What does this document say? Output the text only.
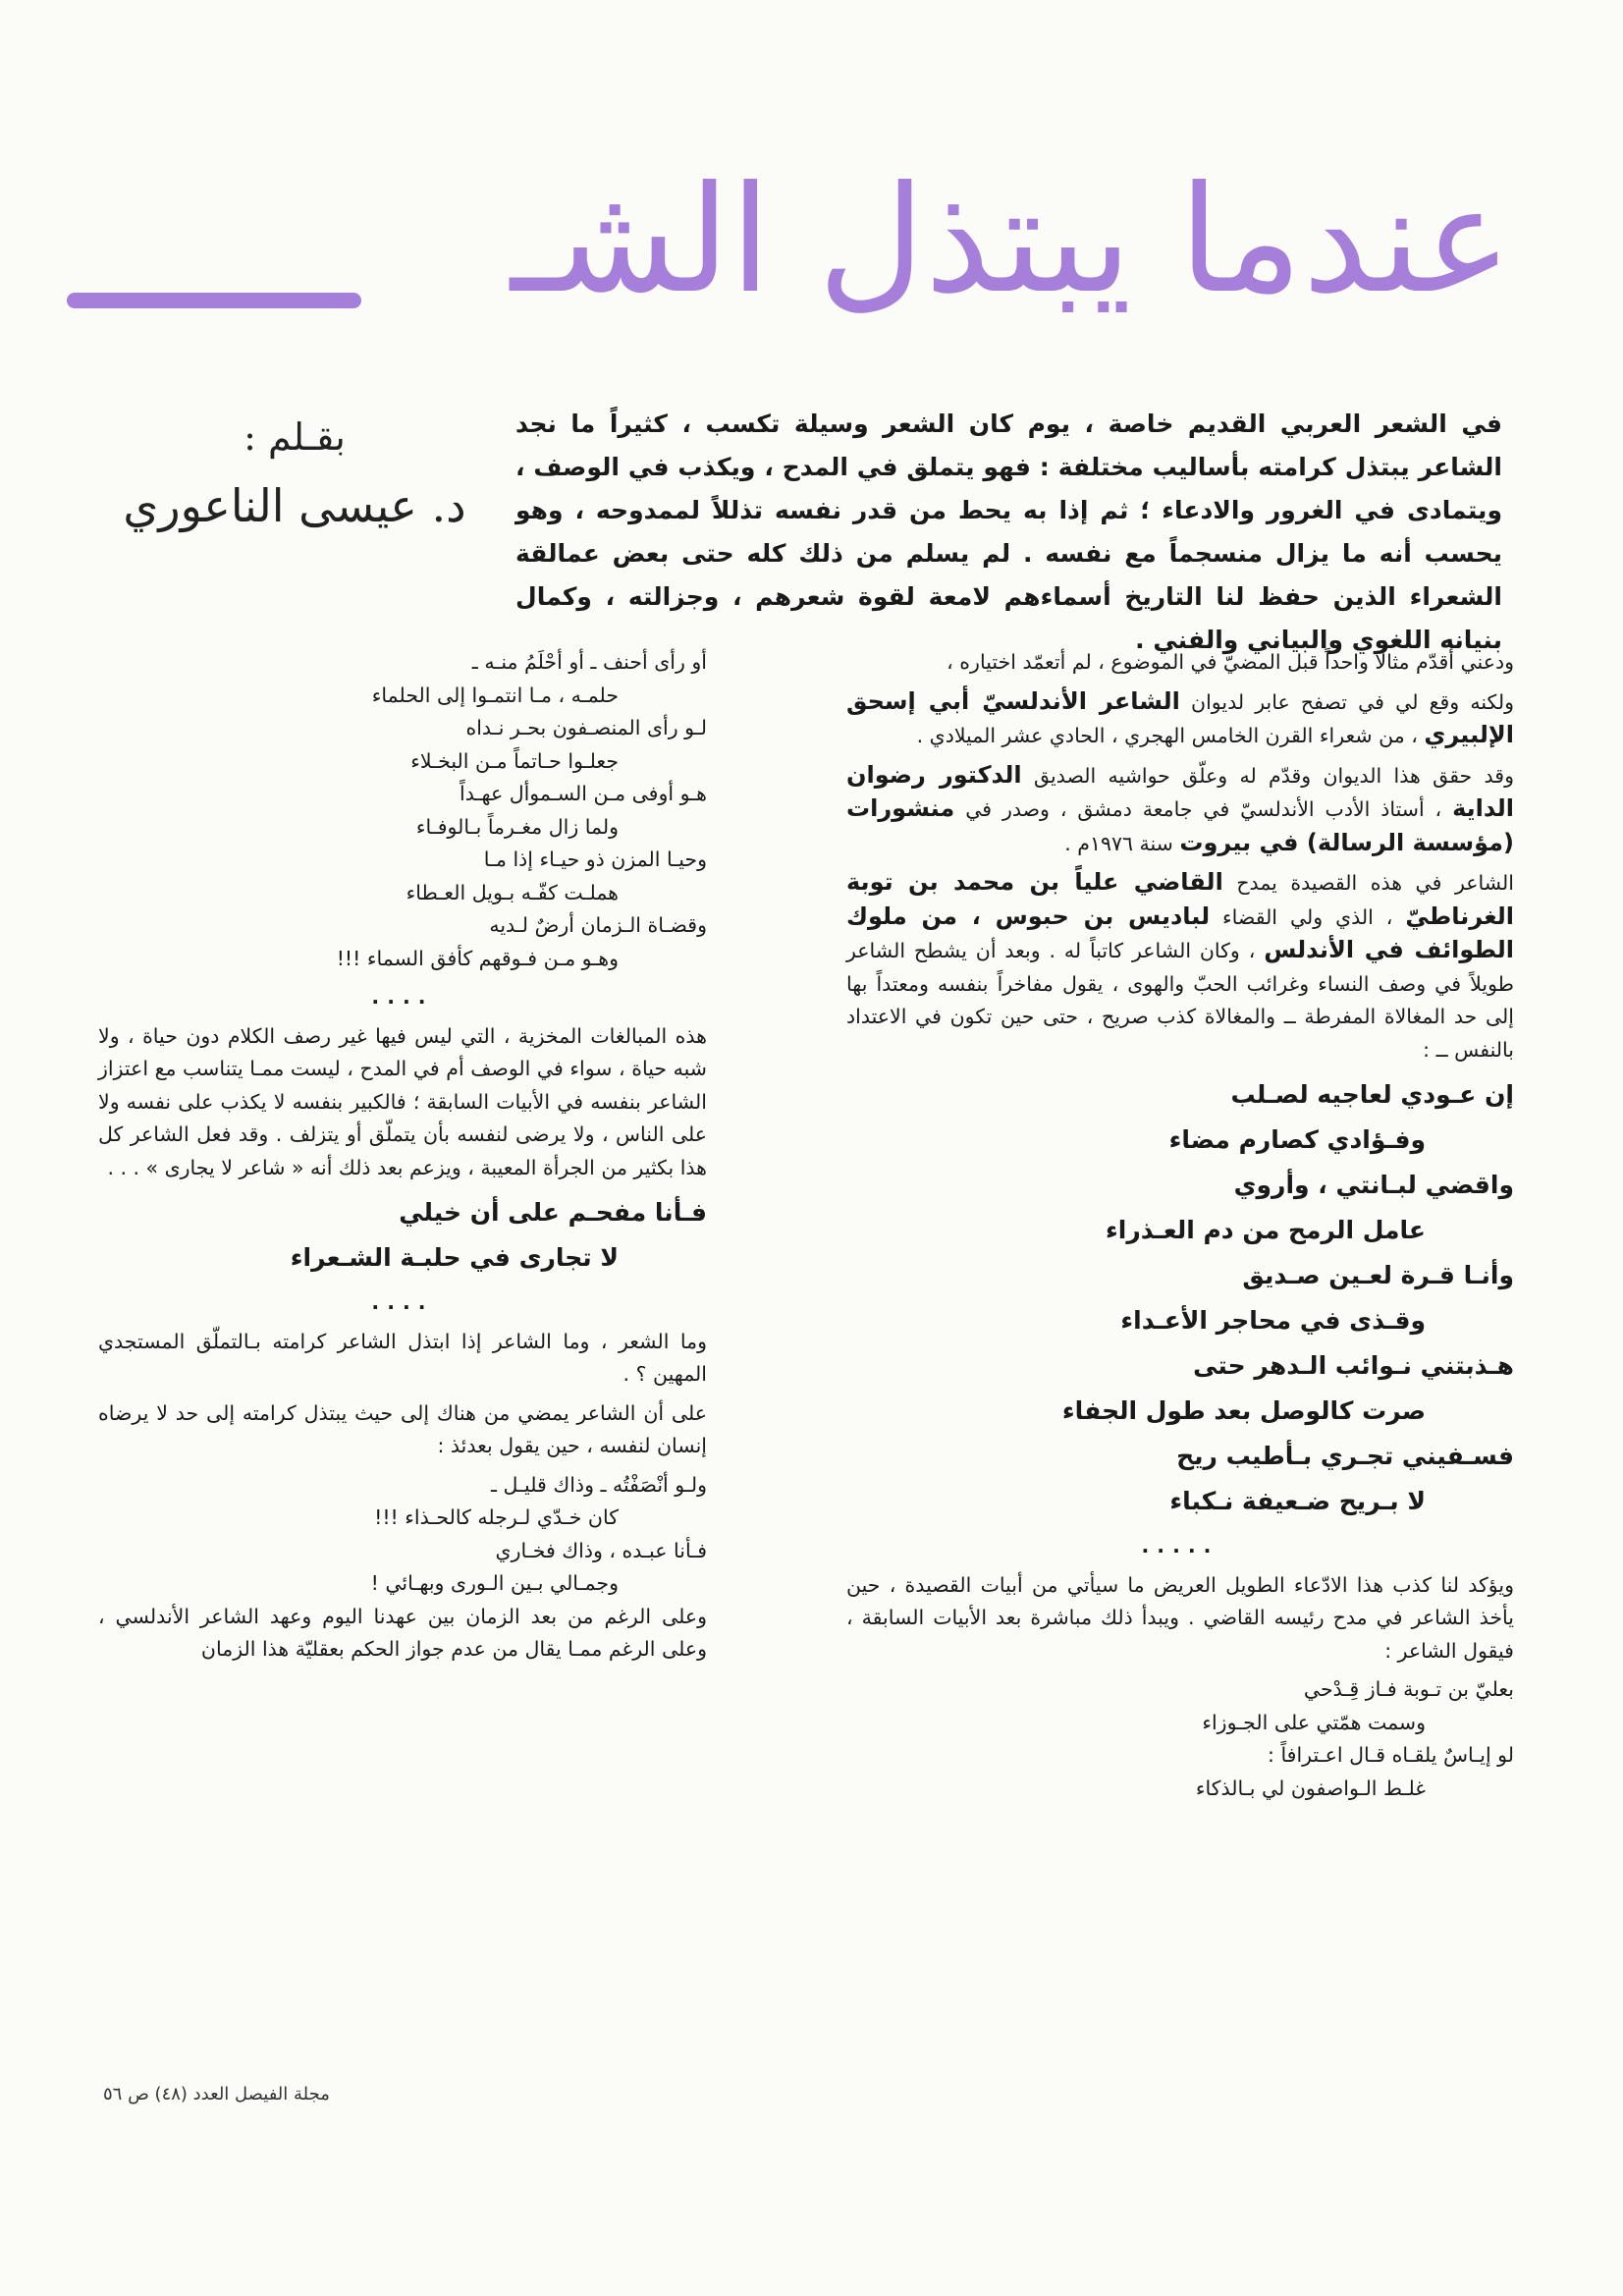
عندما يبتذل الشـ
بقـلم :
د. عيسى الناعوري
في الشعر العربي القديم خاصة ، يوم كان الشعر وسيلة تكسب ، كثيراً ما نجد الشاعر يبتذل كرامته بأساليب مختلفة : فهو يتملق في المدح ، ويكذب في الوصف ، ويتمادى في الغرور والادعاء ؛ ثم إذا به يحط من قدر نفسه تذللاً لممدوحه ، وهو يحسب أنه ما يزال منسجماً مع نفسه . لم يسلم من ذلك كله حتى بعض عمالقة الشعراء الذين حفظ لنا التاريخ أسماءهم لامعة لقوة شعرهم ، وجزالته ، وكمال بنيانه اللغوي والبياني والفني .

ودعني أقدّم مثالا واحداً قبل المضيّ في الموضوع ، لم أتعمّد اختياره ،

ولكنه وقع لي في تصفح عابر لديوان الشاعر الأندلسيّ أبي إسحق الإلبيري ، من شعراء القرن الخامس الهجري ، الحادي عشر الميلادي .

وقد حقق هذا الديوان وقدّم له وعلّق حواشيه الصديق الدكتور رضوان الداية ، أستاذ الأدب الأندلسيّ في جامعة دمشق ، وصدر في منشورات (مؤسسة الرسالة) في بيروت سنة ١٩٧٦م .

الشاعر في هذه القصيدة يمدح القاضي علياً بن محمد بن توبة الغرناطيّ ، الذي ولي القضاء لباديس بن حبوس ، من ملوك الطوائف في الأندلس ، وكان الشاعر كاتباً له . وبعد أن يشطح الشاعر طويلاً في وصف النساء وغرائب الحبّ والهوى ، يقول مفاخراً بنفسه ومعتداً بها إلى حد المغالاة المفرطة ــ والمغالاة كذب صريح ، حتى حين تكون في الاعتداد بالنفس ــ :

إن عـودي لعاجيه لصـلب
وفـؤادي كصارم مضاء
واقضي لبـانتي ، وأروي
عامل الرمح من دم العـذراء
وأنـا قـرة لعـين صـديق
وقـذى في محاجر الأعـداء
هـذبتني نـوائب الـدهر حتى
صرت كالوصل بعد طول الجفاء
فسـفيني تجـري بـأطيب ريح
لا بـريح ضـعيفة نـكباء
.....

ويؤكد لنا كذب هذا الادّعاء الطويل العريض ما سيأتي من أبيات القصيدة ، حين يأخذ الشاعر في مدح رئيسه القاضي . ويبدأ ذلك مباشرة بعد الأبيات السابقة ، فيقول الشاعر :

بعليّ بن تـوبة فـاز قِـدْحي
وسمت همّتي على الجـوزاء
لو إيـاسٌ يلقـاه قـال اعـترافاً :
غلـط الـواصفون لي بـالذكاء
أو رأى أحنف ـ أو أحْلَمُ منـه ـ
حلمـه ، مـا انتمـوا إلى الحلماء
لـو رأى المنصـفون بحـر نـداه
جعلـوا حـاتماً مـن البخـلاء
هـو أوفى مـن السـموأل عهـداً
ولما زال مغـرماً بـالوفـاء
وحيـا المزن ذو حيـاء إذا مـا
هملـت كفّـه بـويل العـطاء
وقضـاة الـزمان أرضٌ لـديه
وهـو مـن فـوقهم كأفق السماء !!!
....

هذه المبالغات المخزية ، التي ليس فيها غير رصف الكلام دون حياة ، ولا شبه حياة ، سواء في الوصف أم في المدح ، ليست ممـا يتناسب مع اعتزاز الشاعر بنفسه في الأبيات السابقة ؛ فالكبير بنفسه لا يكذب على نفسه ولا على الناس ، ولا يرضى لنفسه بأن يتملّق أو يتزلف . وقد فعل الشاعر كل هذا بكثير من الجرأة المعيبة ، ويزعم بعد ذلك أنه « شاعر لا يجارى » . . .

فـأنا مفحـم على أن خيلي
لا تجارى في حلبـة الشـعراء
....

وما الشعر ، وما الشاعر إذا ابتذل الشاعر كرامته بـالتملّق المستجدي المهين ؟ .

على أن الشاعر يمضي من هناك إلى حيث يبتذل كرامته إلى حد لا يرضاه إنسان لنفسه ، حين يقول بعدئذ :

ولـو أنْصَفْتُه ـ وذاك قليـل ـ
كان خـدّي لـرجله كالحـذاء !!!
فـأنا عبـده ، وذاك فخـاري
وجمـالي بـين الـورى وبهـائي !

وعلى الرغم من بعد الزمان بين عهدنا اليوم وعهد الشاعر الأندلسي ، وعلى الرغم ممـا يقال من عدم جواز الحكم بعقليّة هذا الزمان

مجلة الفيصل العدد (٤٨) ص ٥٦
